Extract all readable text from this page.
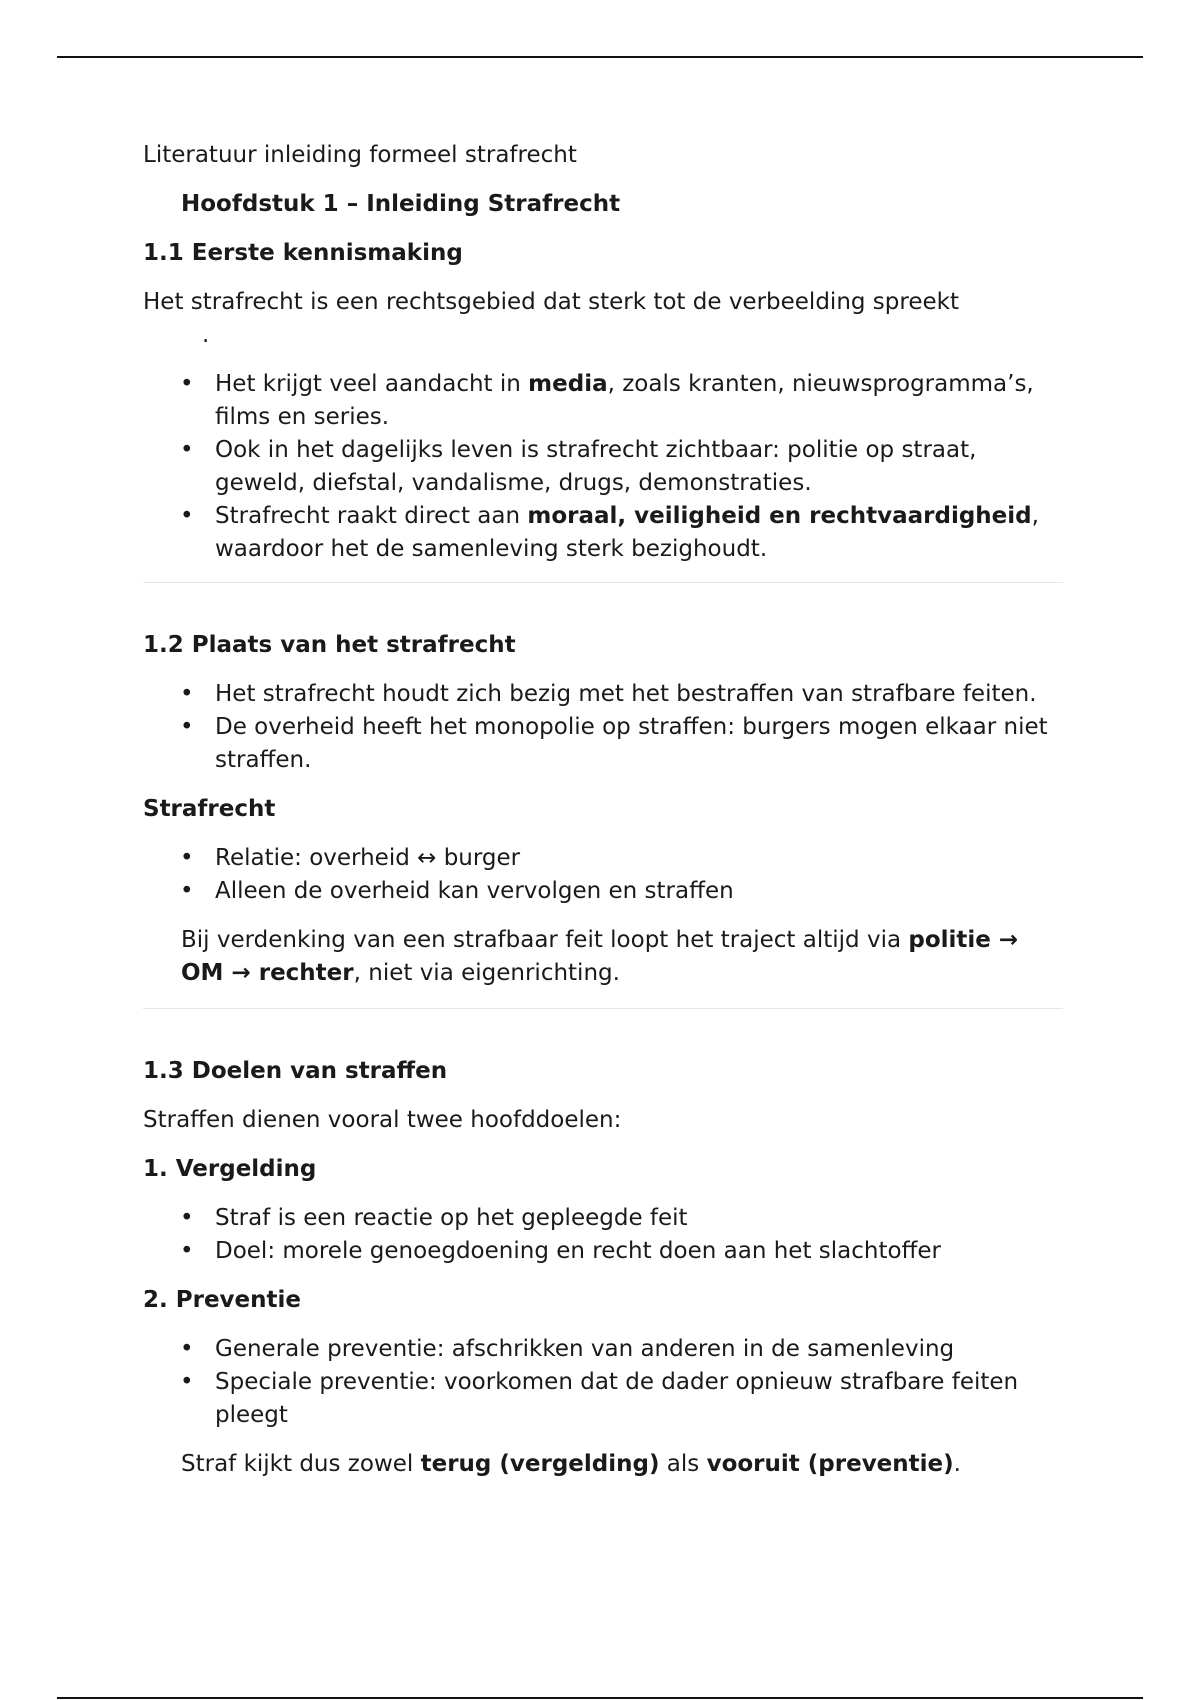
Literatuur inleiding formeel strafrecht

Hoofdstuk 1 – Inleiding Strafrecht

1.1 Eerste kennismaking

Het strafrecht is een rechtsgebied dat sterk tot de verbeelding spreekt

.

• Het krijgt veel aandacht in media, zoals kranten, nieuwsprogramma’s, films en series.
• Ook in het dagelijks leven is strafrecht zichtbaar: politie op straat, geweld, diefstal, vandalisme, drugs, demonstraties.
• Strafrecht raakt direct aan moraal, veiligheid en rechtvaardigheid, waardoor het de samenleving sterk bezighoudt.

1.2 Plaats van het strafrecht

• Het strafrecht houdt zich bezig met het bestraffen van strafbare feiten.
• De overheid heeft het monopolie op straffen: burgers mogen elkaar niet straffen.

Strafrecht

• Relatie: overheid ↔ burger
• Alleen de overheid kan vervolgen en straffen

Bij verdenking van een strafbaar feit loopt het traject altijd via politie → OM → rechter, niet via eigenrichting.

1.3 Doelen van straffen

Straffen dienen vooral twee hoofddoelen:

1. Vergelding

• Straf is een reactie op het gepleegde feit
• Doel: morele genoegdoening en recht doen aan het slachtoffer

2. Preventie

• Generale preventie: afschrikken van anderen in de samenleving
• Speciale preventie: voorkomen dat de dader opnieuw strafbare feiten pleegt

Straf kijkt dus zowel terug (vergelding) als vooruit (preventie).
